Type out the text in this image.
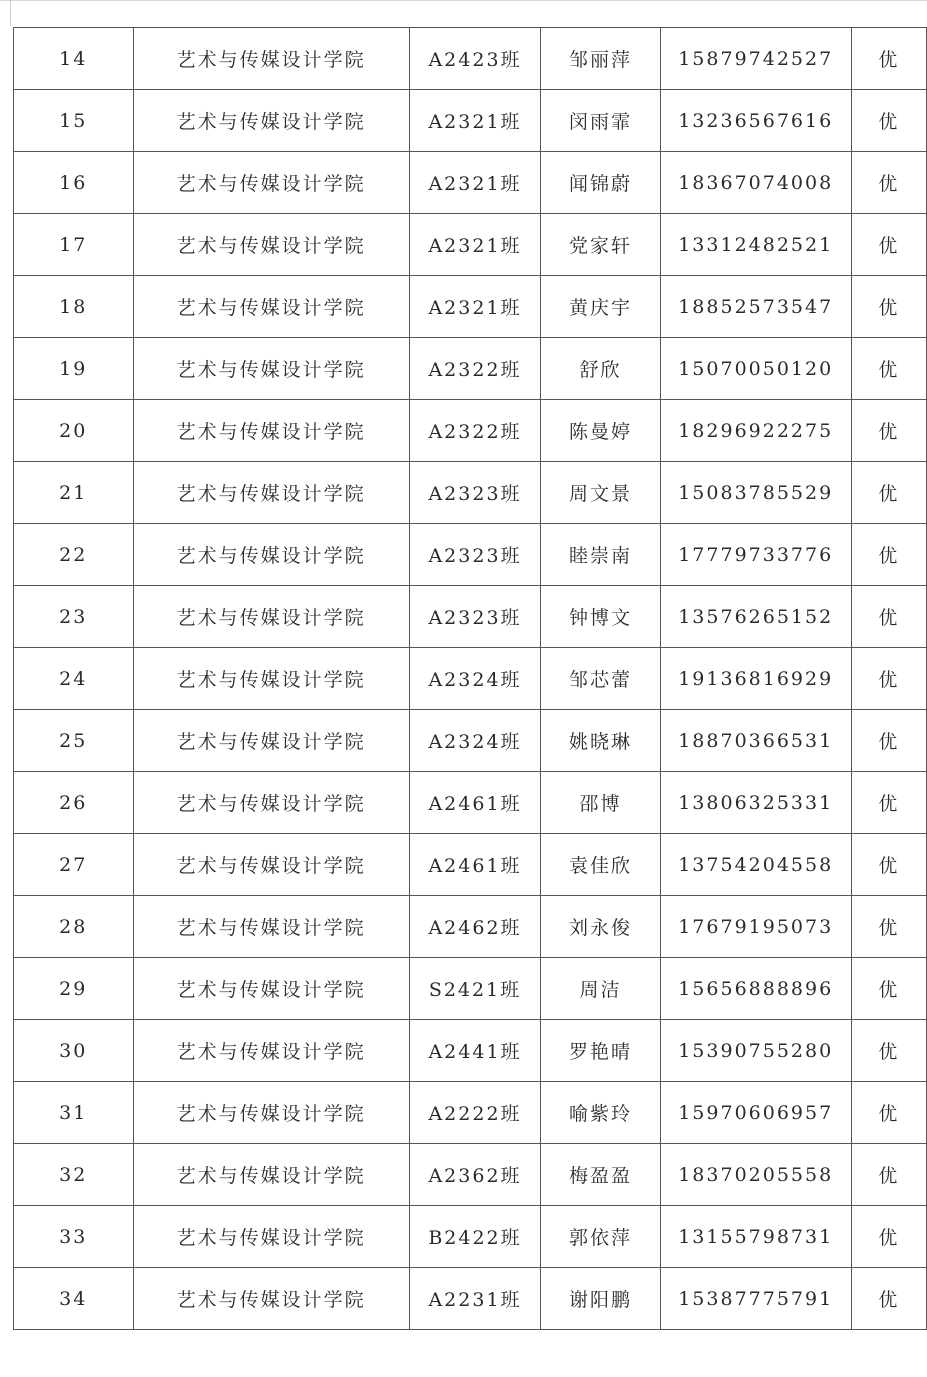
14	艺术与传媒设计学院	A2423班	邹丽萍	15879742527	优
15	艺术与传媒设计学院	A2321班	闵雨霏	13236567616	优
16	艺术与传媒设计学院	A2321班	闻锦蔚	18367074008	优
17	艺术与传媒设计学院	A2321班	党家轩	13312482521	优
18	艺术与传媒设计学院	A2321班	黄庆宇	18852573547	优
19	艺术与传媒设计学院	A2322班	舒欣	15070050120	优
20	艺术与传媒设计学院	A2322班	陈曼婷	18296922275	优
21	艺术与传媒设计学院	A2323班	周文景	15083785529	优
22	艺术与传媒设计学院	A2323班	睦崇南	17779733776	优
23	艺术与传媒设计学院	A2323班	钟博文	13576265152	优
24	艺术与传媒设计学院	A2324班	邹芯蕾	19136816929	优
25	艺术与传媒设计学院	A2324班	姚晓琳	18870366531	优
26	艺术与传媒设计学院	A2461班	邵博	13806325331	优
27	艺术与传媒设计学院	A2461班	袁佳欣	13754204558	优
28	艺术与传媒设计学院	A2462班	刘永俊	17679195073	优
29	艺术与传媒设计学院	S2421班	周洁	15656888896	优
30	艺术与传媒设计学院	A2441班	罗艳晴	15390755280	优
31	艺术与传媒设计学院	A2222班	喻紫玲	15970606957	优
32	艺术与传媒设计学院	A2362班	梅盈盈	18370205558	优
33	艺术与传媒设计学院	B2422班	郭依萍	13155798731	优
34	艺术与传媒设计学院	A2231班	谢阳鹏	15387775791	优
